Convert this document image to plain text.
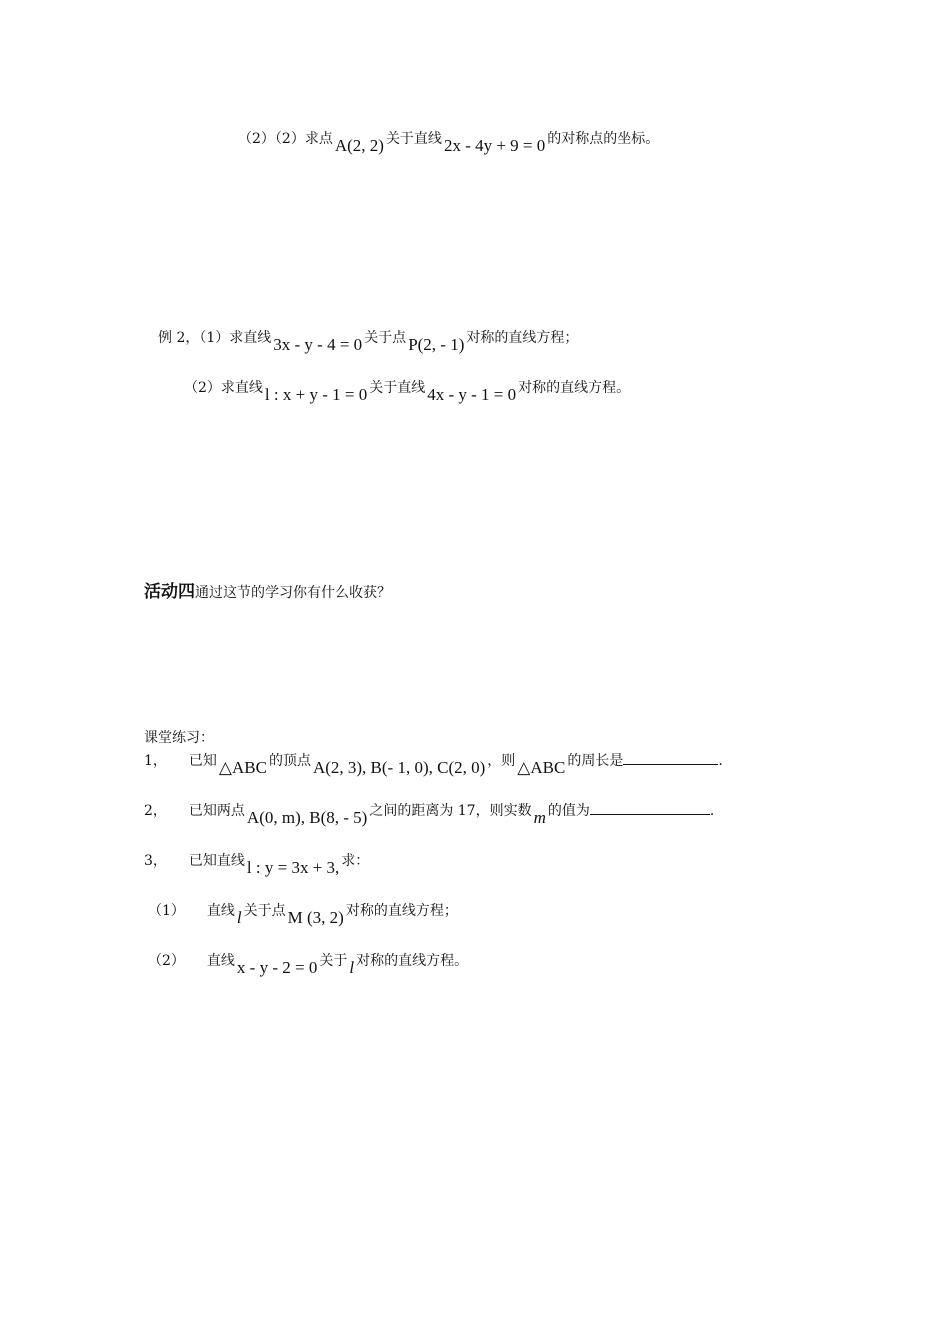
（2）（2）求点 A(2, 2) 关于直线 2x - 4y + 9 = 0 的对称点的坐标。
例 2，（1）求直线 3x - y - 4 = 0 关于点 P(2, - 1) 对称的直线方程；
（2）求直线 l : x + y - 1 = 0 关于直线 4x - y - 1 = 0 对称的直线方程。
活动四通过这节的学习你有什么收获？
课堂练习：
1， 已知 △ABC 的顶点 A(2, 3), B(- 1, 0), C(2, 0) ，则 △ABC 的周长是	.
2， 已知两点 A(0, m), B(8, - 5) 之间的距离为 17，则实数 m 的值为	.
3， 已知直线 l : y = 3x + 3, 求：
（1） 直线 l 关于点 M (3, 2) 对称的直线方程；
（2） 直线 x - y - 2 = 0 关于 l 对称的直线方程。
